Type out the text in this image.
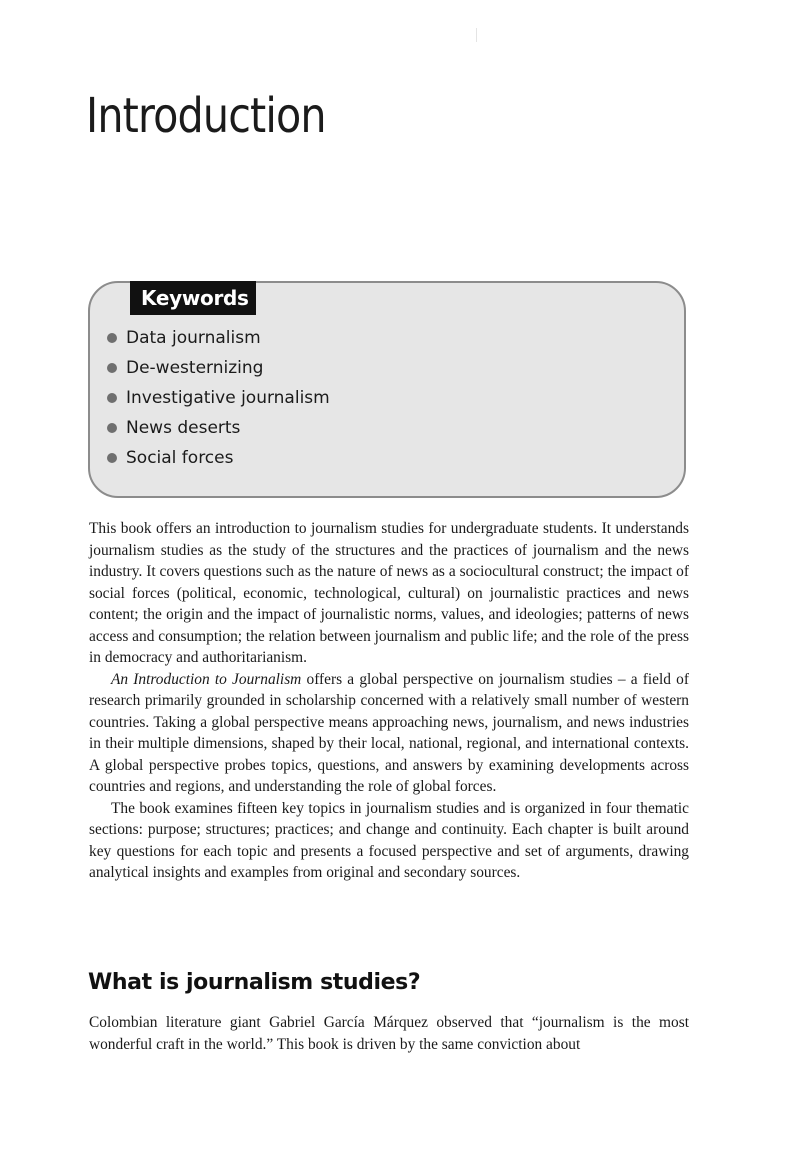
Introduction
Keywords
Data journalism
De-westernizing
Investigative journalism
News deserts
Social forces

This book offers an introduction to journalism studies for undergraduate students. It understands journalism studies as the study of the structures and the practices of journalism and the news industry. It covers questions such as the nature of news as a sociocultural construct; the impact of social forces (political, economic, technological, cultural) on journalistic practices and news content; the origin and the impact of journalistic norms, values, and ideologies; patterns of news access and consumption; the relation between journalism and public life; and the role of the press in democracy and authoritarianism.

An Introduction to Journalism offers a global perspective on journalism studies – a field of research primarily grounded in scholarship concerned with a relatively small number of western countries. Taking a global perspective means approaching news, journalism, and news industries in their multiple dimensions, shaped by their local, national, regional, and international contexts. A global perspective probes topics, questions, and answers by examining developments across countries and regions, and understanding the role of global forces.

The book examines fifteen key topics in journalism studies and is organized in four thematic sections: purpose; structures; practices; and change and continuity. Each chapter is built around key questions for each topic and presents a focused perspective and set of arguments, drawing analytical insights and examples from original and secondary sources.

What is journalism studies?

Colombian literature giant Gabriel García Márquez observed that “journalism is the most wonderful craft in the world.” This book is driven by the same conviction about
